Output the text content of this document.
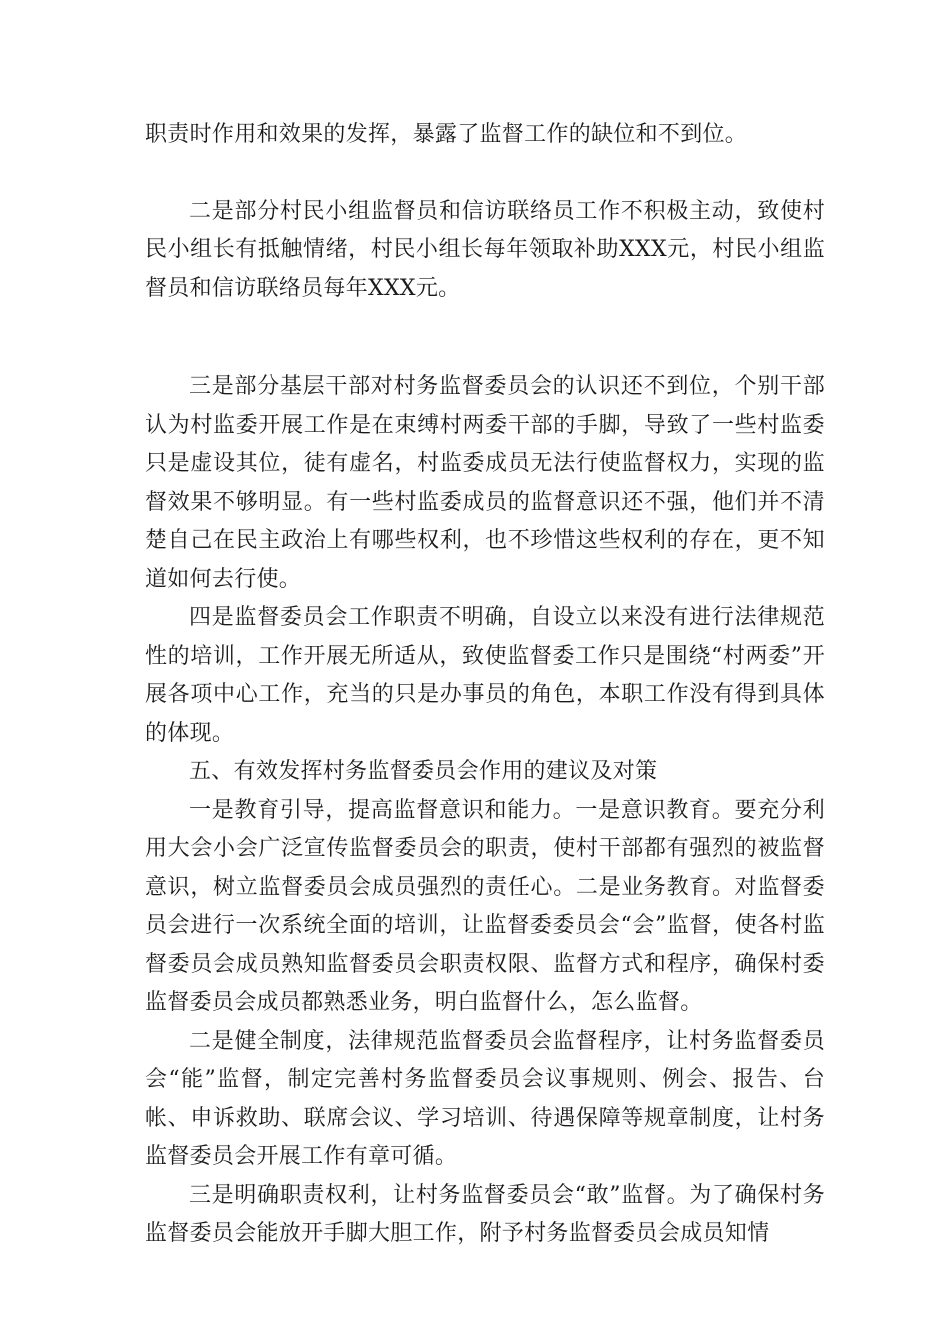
职责时作用和效果的发挥，暴露了监督工作的缺位和不到位。

二是部分村民小组监督员和信访联络员工作不积极主动，致使村民小组长有抵触情绪，村民小组长每年领取补助XXX元，村民小组监督员和信访联络员每年XXX元。

三是部分基层干部对村务监督委员会的认识还不到位，个别干部认为村监委开展工作是在束缚村两委干部的手脚，导致了一些村监委只是虚设其位，徒有虚名，村监委成员无法行使监督权力，实现的监督效果不够明显。有一些村监委成员的监督意识还不强，他们并不清楚自己在民主政治上有哪些权利，也不珍惜这些权利的存在，更不知道如何去行使。

四是监督委员会工作职责不明确，自设立以来没有进行法律规范性的培训，工作开展无所适从，致使监督委工作只是围绕“村两委”开展各项中心工作，充当的只是办事员的角色，本职工作没有得到具体的体现。

五、有效发挥村务监督委员会作用的建议及对策

一是教育引导，提高监督意识和能力。一是意识教育。要充分利用大会小会广泛宣传监督委员会的职责，使村干部都有强烈的被监督意识，树立监督委员会成员强烈的责任心。二是业务教育。对监督委员会进行一次系统全面的培训，让监督委委员会“会”监督，使各村监督委员会成员熟知监督委员会职责权限、监督方式和程序，确保村委监督委员会成员都熟悉业务，明白监督什么，怎么监督。

二是健全制度，法律规范监督委员会监督程序，让村务监督委员会“能”监督，制定完善村务监督委员会议事规则、例会、报告、台帐、申诉救助、联席会议、学习培训、待遇保障等规章制度，让村务监督委员会开展工作有章可循。

三是明确职责权利，让村务监督委员会“敢”监督。为了确保村务监督委员会能放开手脚大胆工作，附予村务监督委员会成员知情
